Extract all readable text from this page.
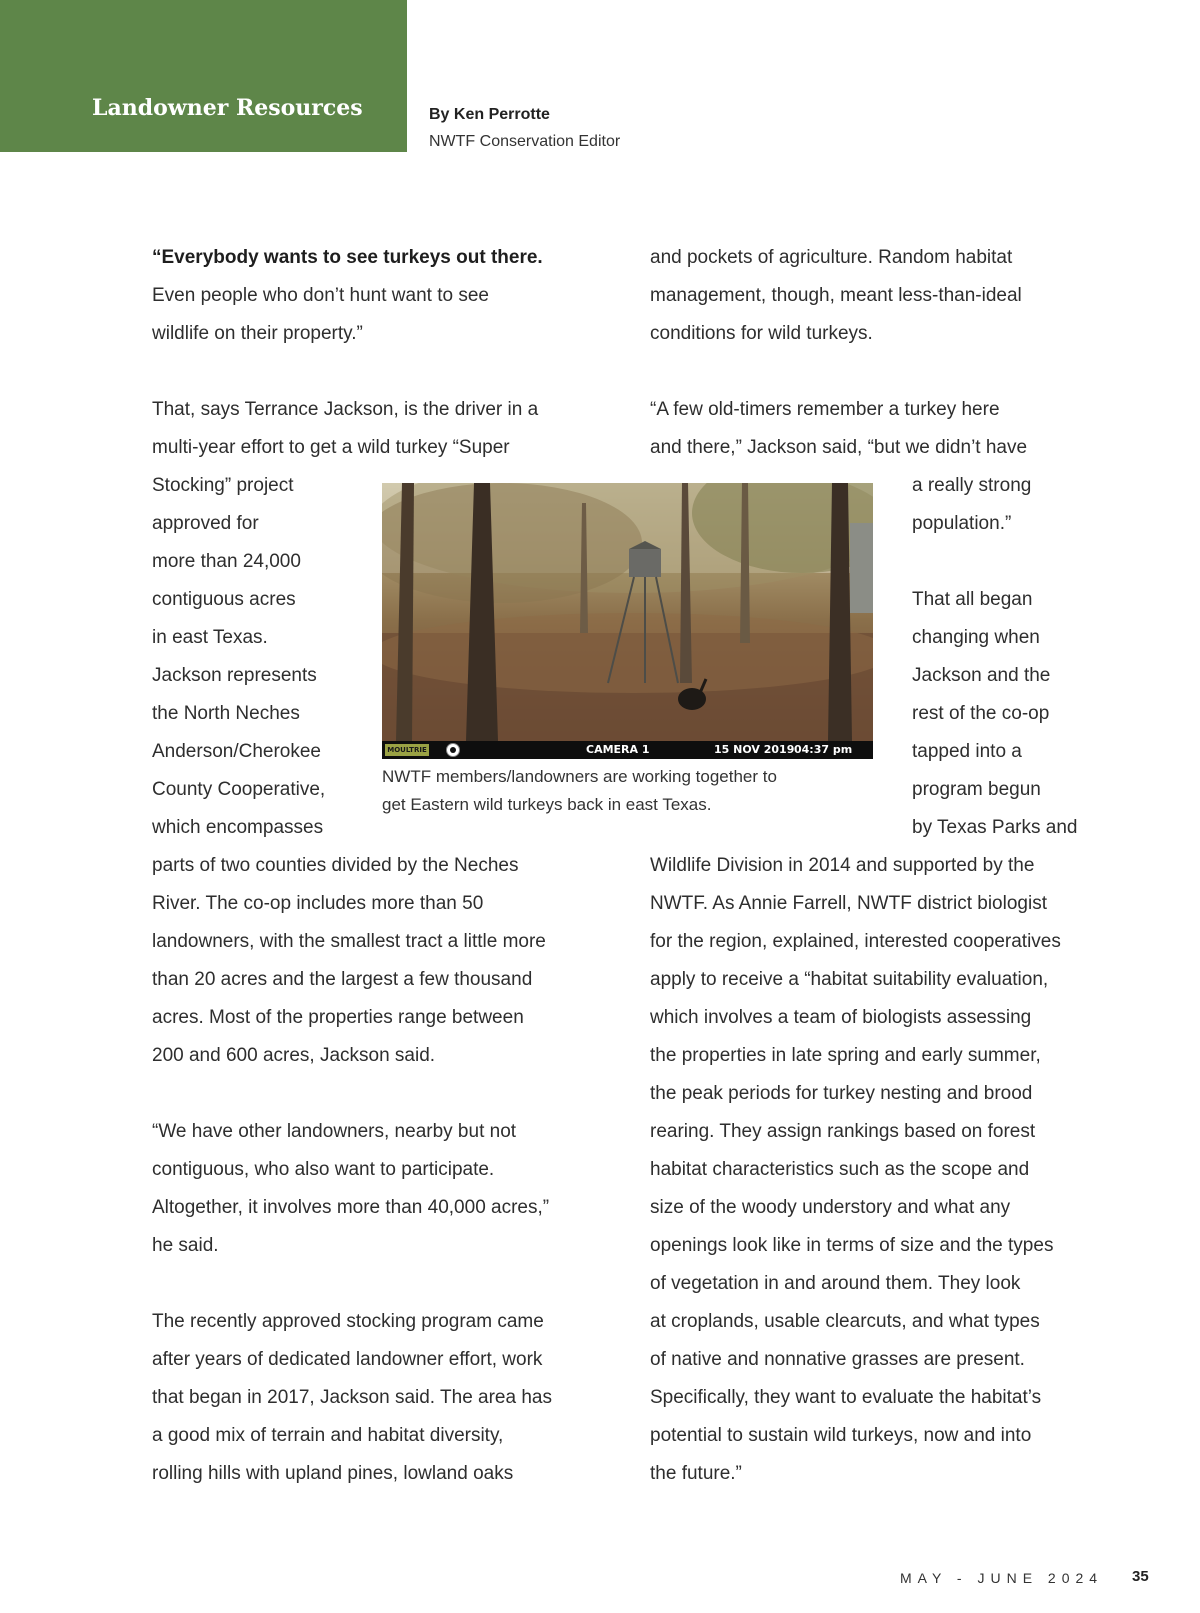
Landowner Resources	By Ken Perrotte
NWTF Conservation Editor

“Everybody wants to see turkeys out there.

Even people who don’t hunt want to see

wildlife on their property.”

That, says Terrance Jackson, is the driver in a

multi-year effort to get a wild turkey “Super

Stocking” project
approved for
more than 24,000
contiguous acres
in east Texas.
Jackson represents
the North Neches
Anderson/Cherokee
County Cooperative,
which encompasses

parts of two counties divided by the Neches

River. The co-op includes more than 50

landowners, with the smallest tract a little more

than 20 acres and the largest a few thousand

acres. Most of the properties range between

200 and 600 acres, Jackson said.

“We have other landowners, nearby but not

contiguous, who also want to participate.

Altogether, it involves more than 40,000 acres,”

he said.

The recently approved stocking program came

after years of dedicated landowner effort, work

that began in 2017, Jackson said. The area has

a good mix of terrain and habitat diversity,

rolling hills with upland pines, lowland oaks

and pockets of agriculture. Random habitat

management, though, meant less-than-ideal

conditions for wild turkeys.

“A few old-timers remember a turkey here

and there,” Jackson said, “but we didn’t have

a really strong
population.”
That all began
changing when
Jackson and the
rest of the co-op
tapped into a
program begun
by Texas Parks and

Wildlife Division in 2014 and supported by the

NWTF. As Annie Farrell, NWTF district biologist

for the region, explained, interested cooperatives

apply to receive a “habitat suitability evaluation,

which involves a team of biologists assessing

the properties in late spring and early summer,

the peak periods for turkey nesting and brood

rearing. They assign rankings based on forest

habitat characteristics such as the scope and

size of the woody understory and what any

openings look like in terms of size and the types

of vegetation in and around them. They look

at croplands, usable clearcuts, and what types

of native and nonnative grasses are present.

Specifically, they want to evaluate the habitat’s

potential to sustain wild turkeys, now and into

the future.”

MOULTRIE	CAMERA 1	15 NOV 2019 04:37 pm
NWTF members/landowners are working together to
get Eastern wild turkeys back in east Texas.

MAY - JUNE 2024 35
